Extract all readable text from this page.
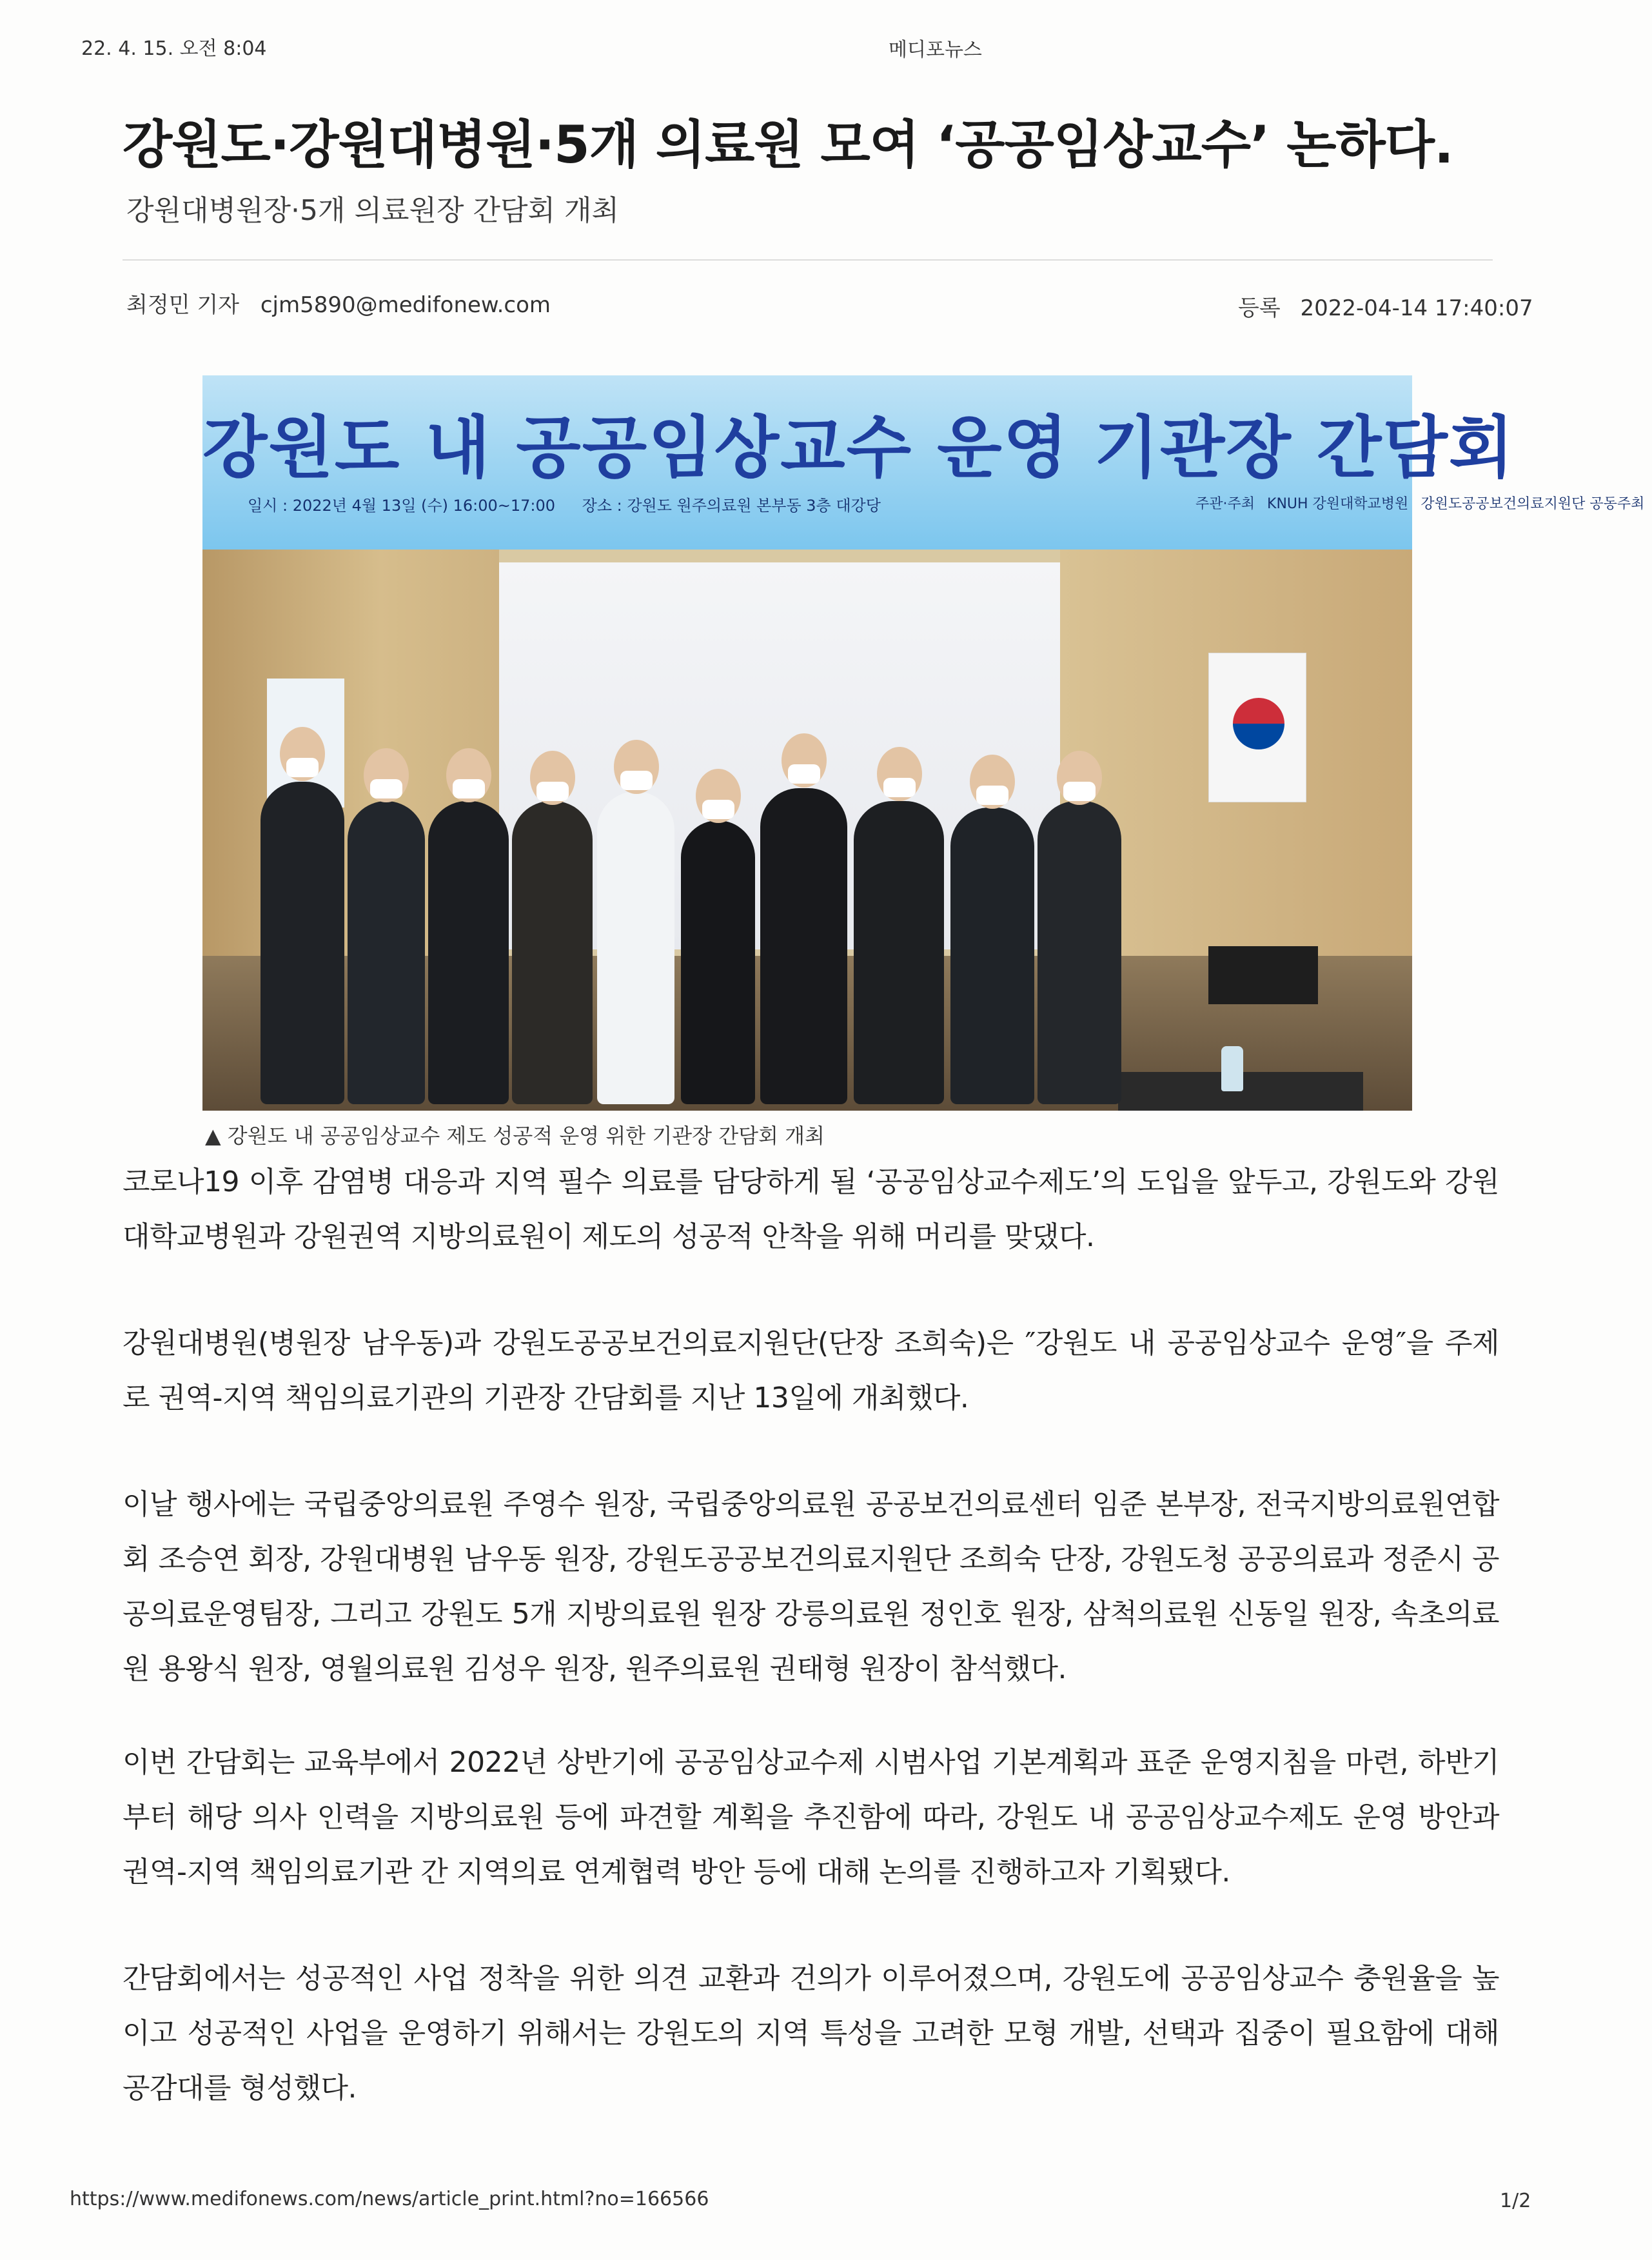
22. 4. 15. 오전 8:04	메디포뉴스
강원도·강원대병원·5개 의료원 모여 ‘공공임상교수’ 논하다.
강원대병원장·5개 의료원장 간담회 개최
최정민 기자 cjm5890@medifonew.com	등록 2022-04-14 17:40:07
강원도 내 공공임상교수 운영 기관장 간담회
일시 : 2022년 4월 13일 (수) 16:00~17:00 장소 : 강원도 원주의료원 본부동 3층 대강당	주관·주최 KNUH 강원대학교병원 강원도공공보건의료지원단 공동주최
▲ 강원도 내 공공임상교수 제도 성공적 운영 위한 기관장 간담회 개최

코로나19 이후 감염병 대응과 지역 필수 의료를 담당하게 될 ‘공공임상교수제도’의 도입을 앞두고, 강원도와 강원대학교병원과 강원권역 지방의료원이 제도의 성공적 안착을 위해 머리를 맞댔다.

강원대병원(병원장 남우동)과 강원도공공보건의료지원단(단장 조희숙)은 ″강원도 내 공공임상교수 운영″을 주제로 권역-지역 책임의료기관의 기관장 간담회를 지난 13일에 개최했다.

이날 행사에는 국립중앙의료원 주영수 원장, 국립중앙의료원 공공보건의료센터 임준 본부장, 전국지방의료원연합회 조승연 회장, 강원대병원 남우동 원장, 강원도공공보건의료지원단 조희숙 단장, 강원도청 공공의료과 정준시 공공의료운영팀장, 그리고 강원도 5개 지방의료원 원장 강릉의료원 정인호 원장, 삼척의료원 신동일 원장, 속초의료원 용왕식 원장, 영월의료원 김성우 원장, 원주의료원 권태형 원장이 참석했다.

이번 간담회는 교육부에서 2022년 상반기에 공공임상교수제 시범사업 기본계획과 표준 운영지침을 마련, 하반기부터 해당 의사 인력을 지방의료원 등에 파견할 계획을 추진함에 따라, 강원도 내 공공임상교수제도 운영 방안과 권역-지역 책임의료기관 간 지역의료 연계협력 방안 등에 대해 논의를 진행하고자 기획됐다.

간담회에서는 성공적인 사업 정착을 위한 의견 교환과 건의가 이루어졌으며, 강원도에 공공임상교수 충원율을 높이고 성공적인 사업을 운영하기 위해서는 강원도의 지역 특성을 고려한 모형 개발, 선택과 집중이 필요함에 대해 공감대를 형성했다.

https://www.medifonews.com/news/article_print.html?no=166566	1/2
